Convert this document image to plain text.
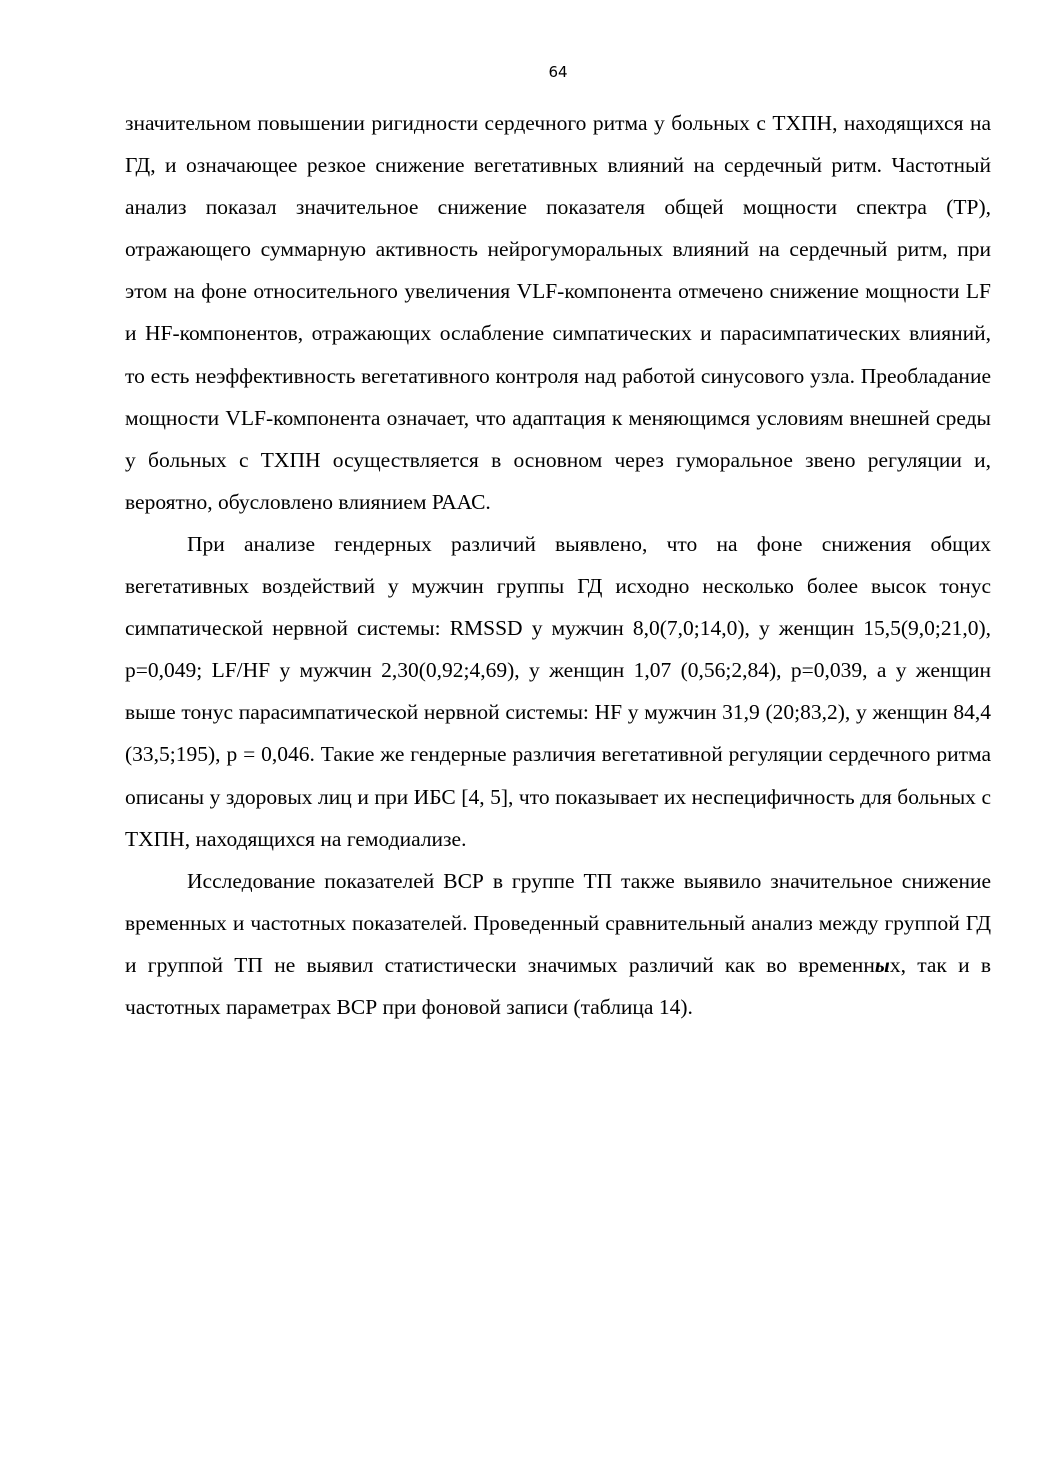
64

значительном повышении ригидности сердечного ритма у больных с ТХПН, находящихся на ГД, и означающее резкое снижение вегетативных влияний на сердечный ритм. Частотный анализ показал значительное снижение показателя общей мощности спектра (ТР), отражающего суммарную активность нейрогуморальных влияний на сердечный ритм, при этом на фоне относительного увеличения VLF-компонента отмечено снижение мощности LF и HF-компонентов, отражающих ослабление симпатических и парасимпатических влияний, то есть неэффективность вегетативного контроля над работой синусового узла. Преобладание мощности VLF-компонента означает, что адаптация к меняющимся условиям внешней среды у больных с ТХПН осуществляется в основном через гуморальное звено регуляции и, вероятно, обусловлено влиянием РААС.

При анализе гендерных различий выявлено, что на фоне снижения общих вегетативных воздействий у мужчин группы ГД исходно несколько более высок тонус симпатической нервной системы: RMSSD у мужчин 8,0(7,0;14,0), у женщин 15,5(9,0;21,0), p=0,049; LF/HF у мужчин 2,30(0,92;4,69), у женщин 1,07 (0,56;2,84), p=0,039, а у женщин выше тонус парасимпатической нервной системы: HF у мужчин 31,9 (20;83,2), у женщин 84,4 (33,5;195), p = 0,046. Такие же гендерные различия вегетативной регуляции сердечного ритма описаны у здоровых лиц и при ИБС [4, 5], что показывает их неспецифичность для больных с ТХПН, находящихся на гемодиализе.

Исследование показателей ВСР в группе ТП также выявило значительное снижение временных и частотных показателей. Проведенный сравнительный анализ между группой ГД и группой ТП не выявил статистически значимых различий как во временных, так и в частотных параметрах ВСР при фоновой записи (таблица 14).
